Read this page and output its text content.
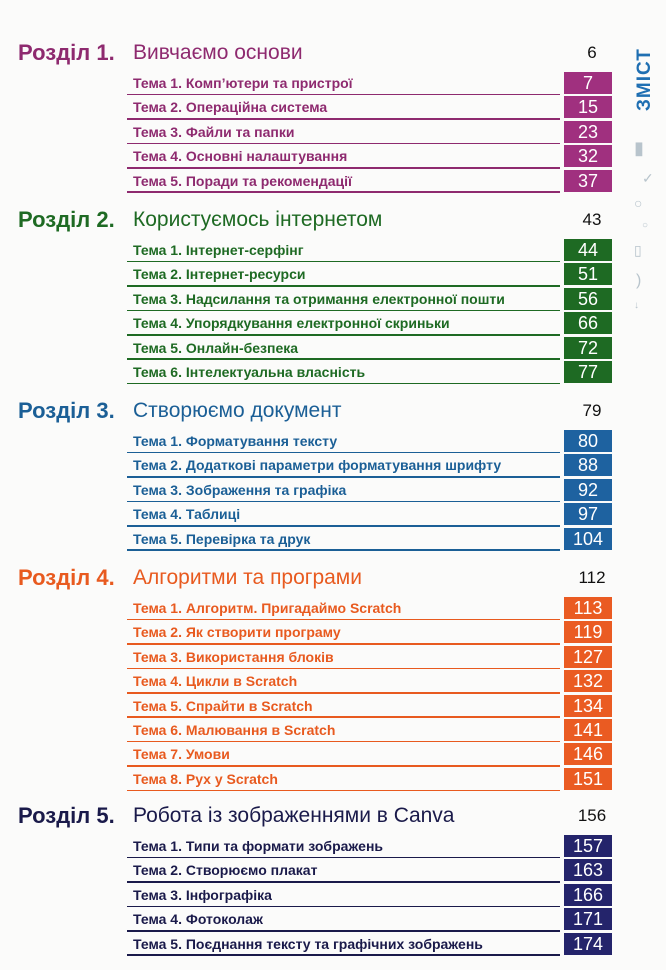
ЗМІСТ
▮
✓
○
○
▯
)
↓
Розділ 1. Вивчаємо основи	6
Тема 1. Комп’ютери та пристрої	7
Тема 2. Операційна система	15
Тема 3. Файли та папки	23
Тема 4. Основні налаштування	32
Тема 5. Поради та рекомендації	37
Розділ 2. Користуємось інтернетом	43
Тема 1. Інтернет-серфінг	44
Тема 2. Інтернет-ресурси	51
Тема 3. Надсилання та отримання електронної пошти	56
Тема 4. Упорядкування електронної скриньки	66
Тема 5. Онлайн-безпека	72
Тема 6. Інтелектуальна власність	77
Розділ 3. Створюємо документ	79
Тема 1. Форматування тексту	80
Тема 2. Додаткові параметри форматування шрифту	88
Тема 3. Зображення та графіка	92
Тема 4. Таблиці	97
Тема 5. Перевірка та друк	104
Розділ 4. Алгоритми та програми	112
Тема 1. Алгоритм. Пригадаймо Scratch	113
Тема 2. Як створити програму	119
Тема 3. Використання блоків	127
Тема 4. Цикли в Scratch	132
Тема 5. Спрайти в Scratch	134
Тема 6. Малювання в Scratch	141
Тема 7. Умови	146
Тема 8. Рух у Scratch	151
Розділ 5. Робота із зображеннями в Canva	156
Тема 1. Типи та формати зображень	157
Тема 2. Створюємо плакат	163
Тема 3. Інфографіка	166
Тема 4. Фотоколаж	171
Тема 5. Поєднання тексту та графічних зображень	174
